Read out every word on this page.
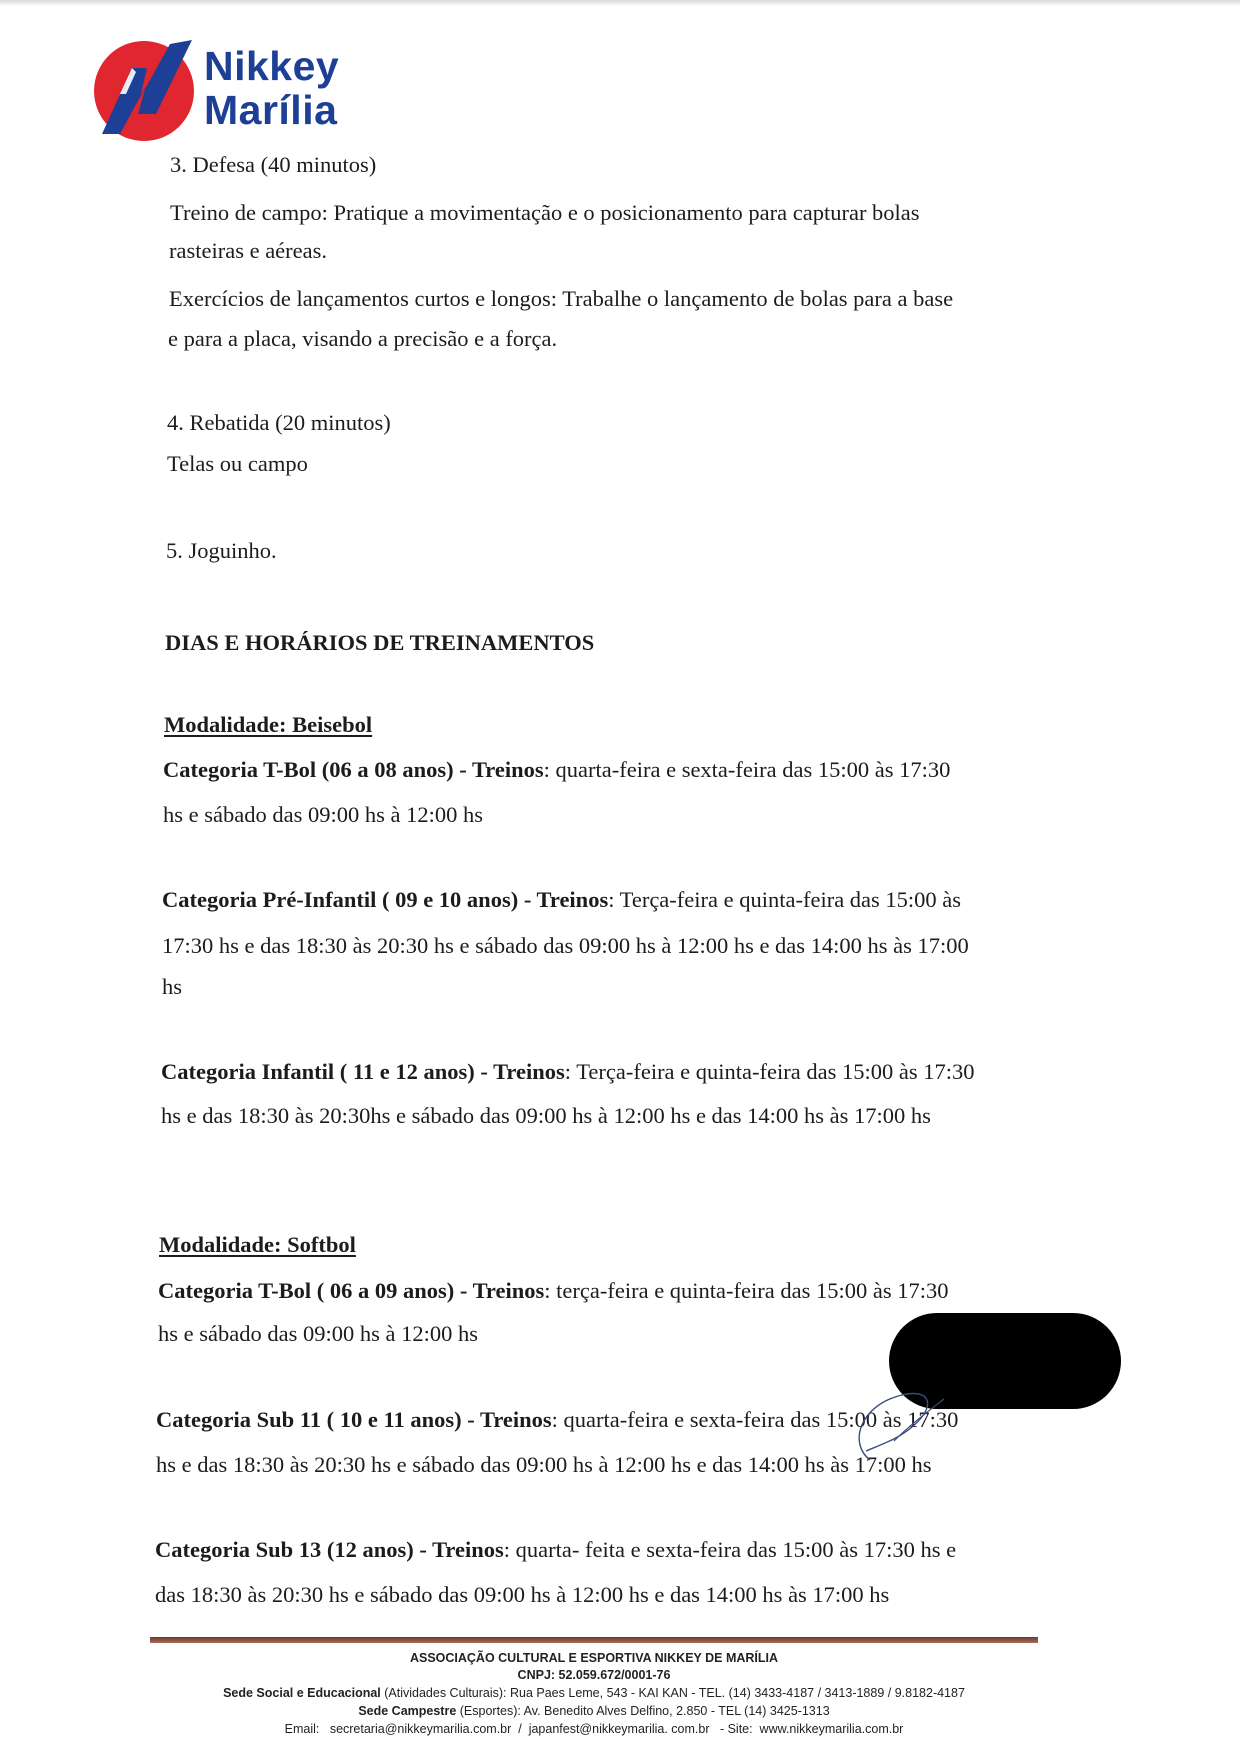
Nikkey
Marília
3. Defesa (40 minutos)
Treino de campo: Pratique a movimentação e o posicionamento para capturar bolas
rasteiras e aéreas.
Exercícios de lançamentos curtos e longos: Trabalhe o lançamento de bolas para a base
e para a placa, visando a precisão e a força.
4. Rebatida (20 minutos)
Telas ou campo
5. Joguinho.
DIAS E HORÁRIOS DE TREINAMENTOS
Modalidade: Beisebol
Categoria T-Bol (06 a 08 anos) - Treinos: quarta-feira e sexta-feira das 15:00 às 17:30
hs e sábado das 09:00 hs à 12:00 hs
Categoria Pré-Infantil ( 09 e 10 anos) - Treinos: Terça-feira e quinta-feira das 15:00 às
17:30 hs e das 18:30 às 20:30 hs e sábado das 09:00 hs à 12:00 hs e das 14:00 hs às 17:00
hs
Categoria Infantil ( 11 e 12 anos) - Treinos: Terça-feira e quinta-feira das 15:00 às 17:30
hs e das 18:30 às 20:30hs e sábado das 09:00 hs à 12:00 hs e das 14:00 hs às 17:00 hs
Modalidade: Softbol
Categoria T-Bol ( 06 a 09 anos) - Treinos: terça-feira e quinta-feira das 15:00 às 17:30
hs e sábado das 09:00 hs à 12:00 hs
Categoria Sub 11 ( 10 e 11 anos) - Treinos: quarta-feira e sexta-feira das 15:00 às 17:30
hs e das 18:30 às 20:30 hs e sábado das 09:00 hs à 12:00 hs e das 14:00 hs às 17:00 hs
Categoria Sub 13 (12 anos) - Treinos: quarta- feita e sexta-feira das 15:00 às 17:30 hs e
das 18:30 às 20:30 hs e sábado das 09:00 hs à 12:00 hs e das 14:00 hs às 17:00 hs
ASSOCIAÇÃO CULTURAL E ESPORTIVA NIKKEY DE MARÍLIA
CNPJ: 52.059.672/0001-76
Sede Social e Educacional (Atividades Culturais): Rua Paes Leme, 543 - KAI KAN - TEL. (14) 3433-4187 / 3413-1889 / 9.8182-4187
Sede Campestre (Esportes): Av. Benedito Alves Delfino, 2.850 - TEL (14) 3425-1313
Email: secretaria@nikkeymarilia.com.br / japanfest@nikkeymarilia. com.br - Site: www.nikkeymarilia.com.br
